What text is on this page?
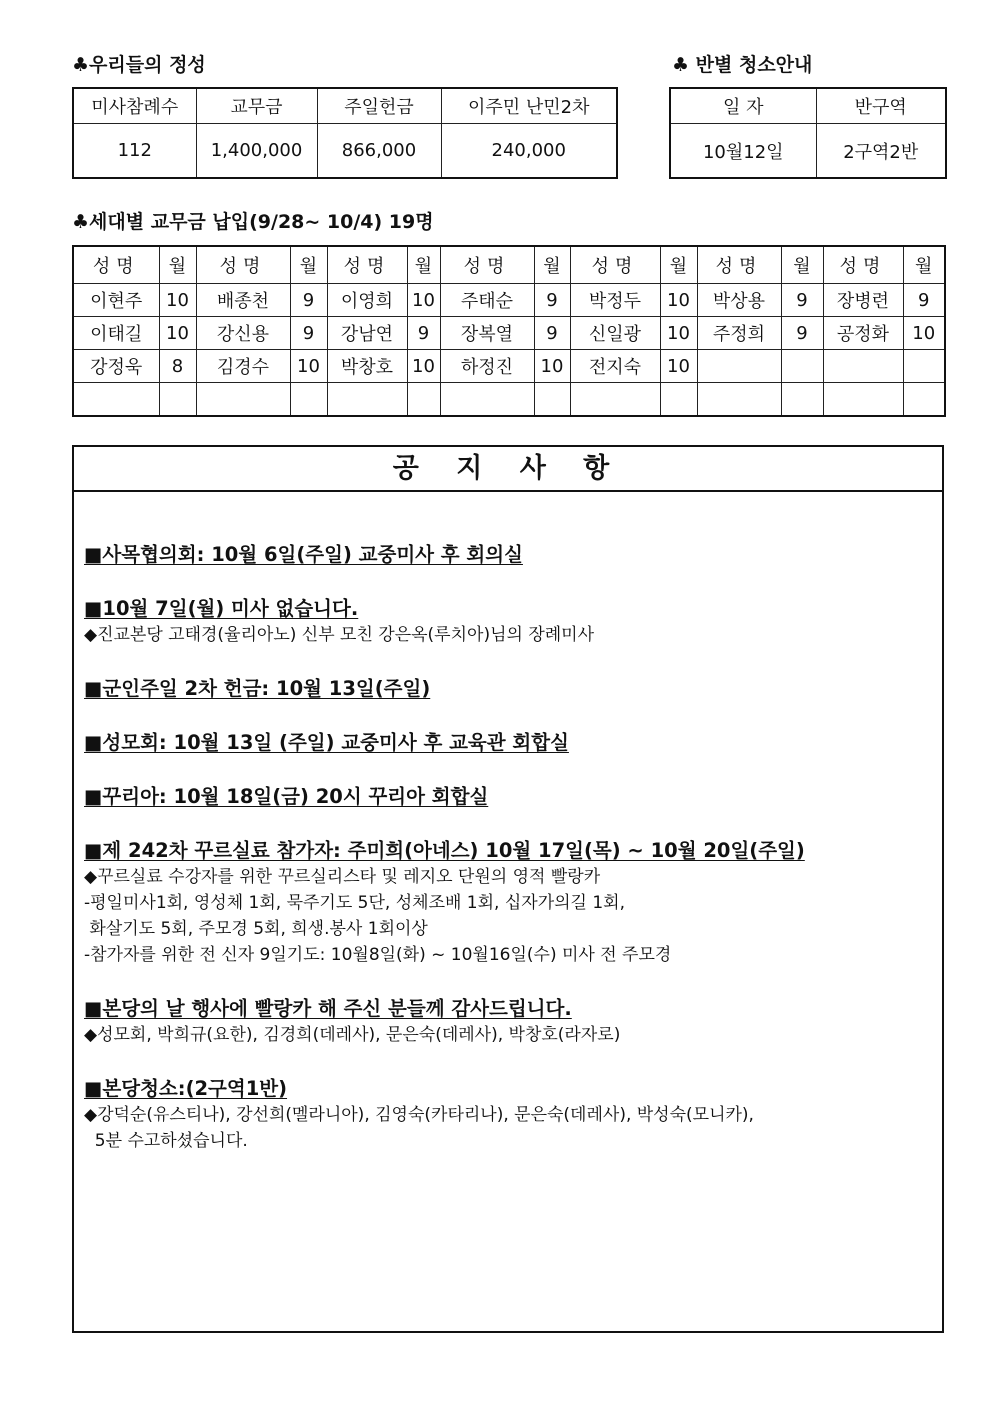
♣우리들의 정성
미사참례수	교무금	주일헌금	이주민 난민2차
112	1,400,000	866,000	240,000
♣ 반별 청소안내
일 자	반구역
10월12일	2구역2반
♣세대별 교무금 납입(9/28~ 10/4) 19명
성명	월	성명	월	성명	월	성명	월	성명	월	성명	월	성명	월
이현주	10	배종천	9	이영희	10	주태순	9	박정두	10	박상용	9	장병련	9
이태길	10	강신용	9	강남연	9	장복열	9	신일광	10	주정희	9	공정화	10
강정욱	8	김경수	10	박창호	10	하정진	10	전지숙	10				

공 지 사 항
■사목협의회: 10월 6일(주일) 교중미사 후 회의실
■10월 7일(월) 미사 없습니다.
◆진교본당 고태경(율리아노) 신부 모친 강은옥(루치아)님의 장례미사
■군인주일 2차 헌금: 10월 13일(주일)
■성모회: 10월 13일 (주일) 교중미사 후 교육관 회합실
■꾸리아: 10월 18일(금) 20시 꾸리아 회합실
■제 242차 꾸르실료 참가자: 주미희(아네스) 10월 17일(목) ~ 10월 20일(주일)
◆꾸르실료 수강자를 위한 꾸르실리스타 및 레지오 단원의 영적 빨랑카
-평일미사1회, 영성체 1회, 묵주기도 5단, 성체조배 1회, 십자가의길 1회,
화살기도 5회, 주모경 5회, 희생.봉사 1회이상
-참가자를 위한 전 신자 9일기도: 10월8일(화) ~ 10월16일(수) 미사 전 주모경
■본당의 날 행사에 빨랑카 해 주신 분들께 감사드립니다.
◆성모회, 박희규(요한), 김경희(데레사), 문은숙(데레사), 박창호(라자로)
■본당청소:(2구역1반)
◆강덕순(유스티나), 강선희(멜라니아), 김영숙(카타리나), 문은숙(데레사), 박성숙(모니카),
5분 수고하셨습니다.
